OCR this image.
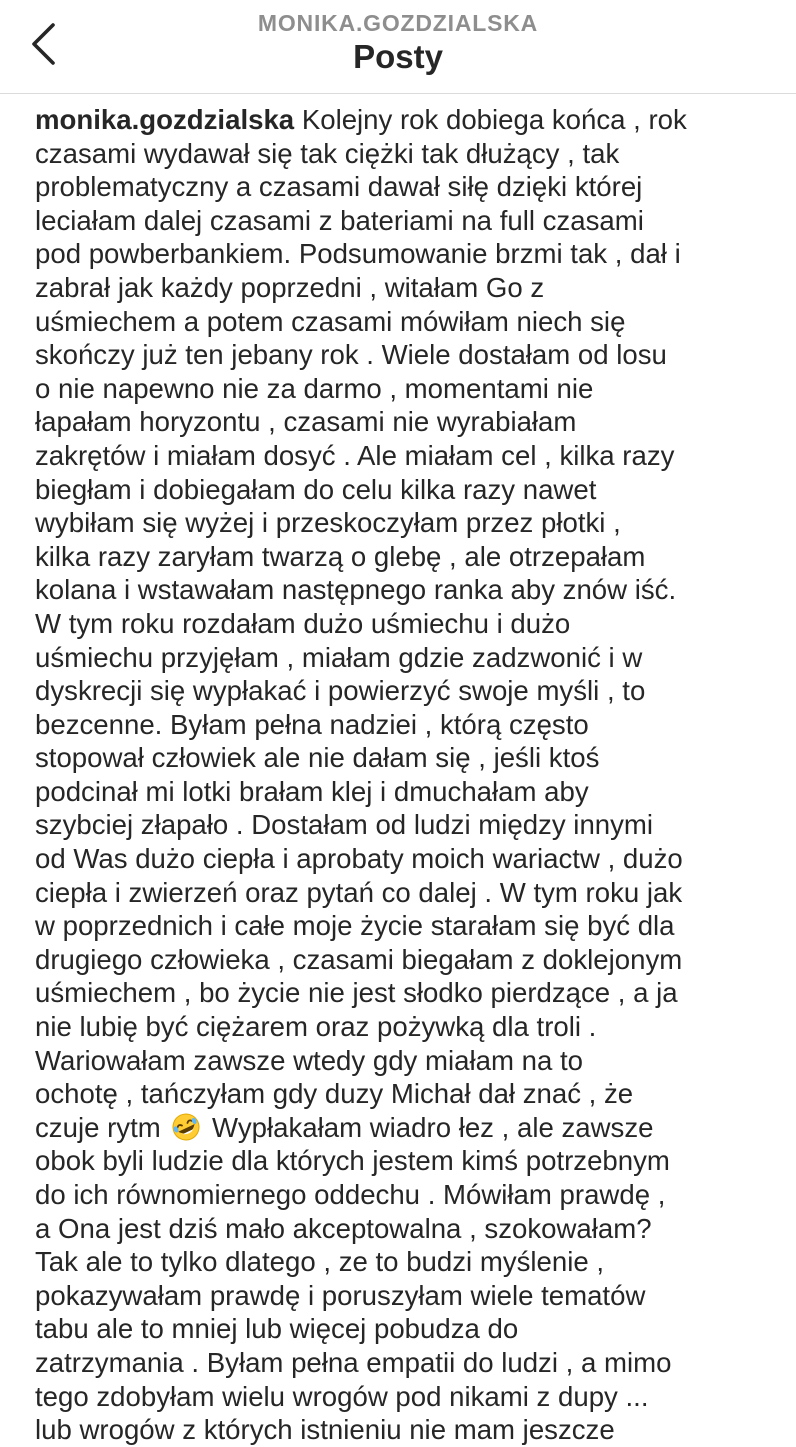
MONIKA.GOZDZIALSKA
Posty
monika.gozdzialska Kolejny rok dobiega końca , rok
czasami wydawał się tak ciężki tak dłużący , tak
problematyczny a czasami dawał siłę dzięki której
leciałam dalej czasami z bateriami na full czasami
pod powberbankiem. Podsumowanie brzmi tak , dał i
zabrał jak każdy poprzedni , witałam Go z
uśmiechem a potem czasami mówiłam niech się
skończy już ten jebany rok . Wiele dostałam od losu
o nie napewno nie za darmo , momentami nie
łapałam horyzontu , czasami nie wyrabiałam
zakrętów i miałam dosyć . Ale miałam cel , kilka razy
biegłam i dobiegałam do celu kilka razy nawet
wybiłam się wyżej i przeskoczyłam przez płotki ,
kilka razy zaryłam twarzą o glebę , ale otrzepałam
kolana i wstawałam następnego ranka aby znów iść.
W tym roku rozdałam dużo uśmiechu i dużo
uśmiechu przyjęłam , miałam gdzie zadzwonić i w
dyskrecji się wypłakać i powierzyć swoje myśli , to
bezcenne. Byłam pełna nadziei , którą często
stopował człowiek ale nie dałam się , jeśli ktoś
podcinał mi lotki brałam klej i dmuchałam aby
szybciej złapało . Dostałam od ludzi między innymi
od Was dużo ciepła i aprobaty moich wariactw , dużo
ciepła i zwierzeń oraz pytań co dalej . W tym roku jak
w poprzednich i całe moje życie starałam się być dla
drugiego człowieka , czasami biegałam z doklejonym
uśmiechem , bo życie nie jest słodko pierdzące , a ja
nie lubię być ciężarem oraz pożywką dla troli .
Wariowałam zawsze wtedy gdy miałam na to
ochotę , tańczyłam gdy duzy Michał dał znać , że
czuje rytm  Wypłakałam wiadro łez , ale zawsze
obok byli ludzie dla których jestem kimś potrzebnym
do ich równomiernego oddechu . Mówiłam prawdę ,
a Ona jest dziś mało akceptowalna , szokowałam?
Tak ale to tylko dlatego , ze to budzi myślenie ,
pokazywałam prawdę i poruszyłam wiele tematów
tabu ale to mniej lub więcej pobudza do
zatrzymania . Byłam pełna empatii do ludzi , a mimo
tego zdobyłam wielu wrogów pod nikami z dupy ...
lub wrogów z których istnieniu nie mam jeszcze
